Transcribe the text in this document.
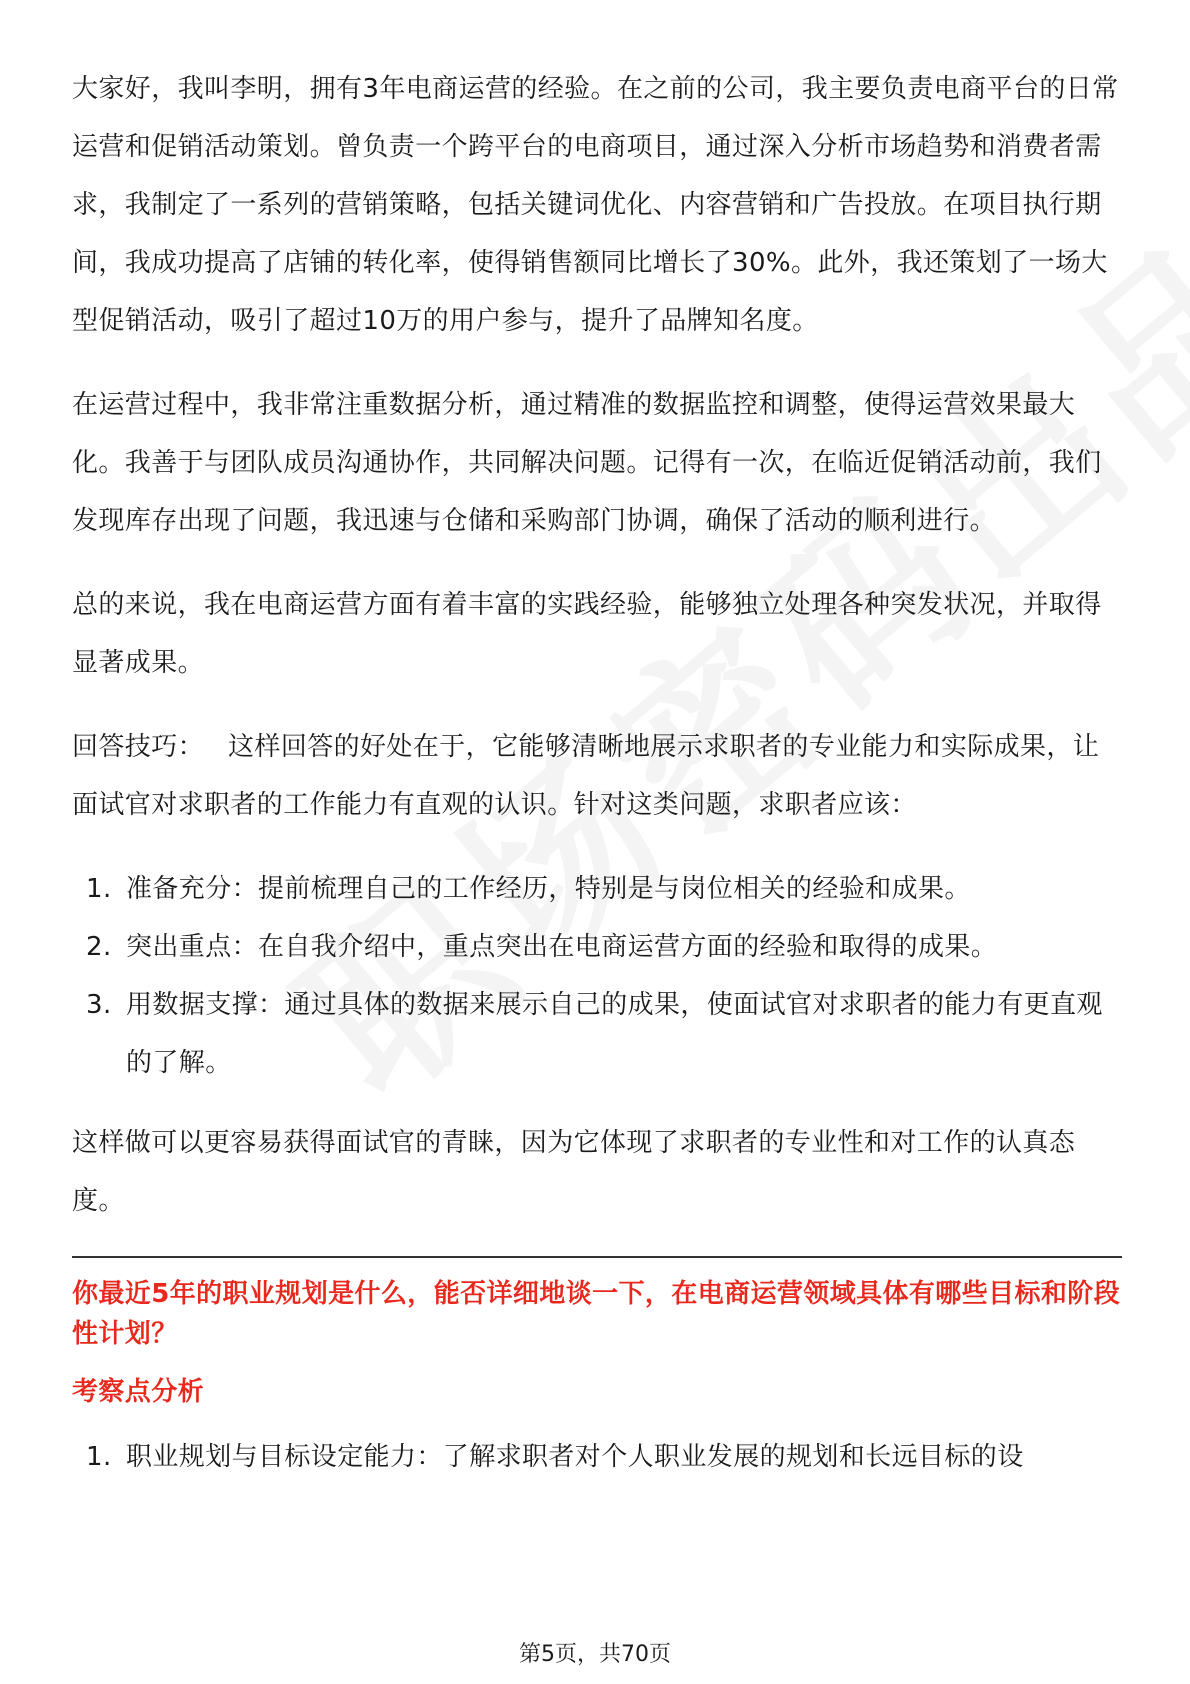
大家好，我叫李明，拥有3年电商运营的经验。在之前的公司，我主要负责电商平台的日常运营和促销活动策划。曾负责一个跨平台的电商项目，通过深入分析市场趋势和消费者需求，我制定了一系列的营销策略，包括关键词优化、内容营销和广告投放。在项目执行期间，我成功提高了店铺的转化率，使得销售额同比增长了30%。此外，我还策划了一场大型促销活动，吸引了超过10万的用户参与，提升了品牌知名度。

在运营过程中，我非常注重数据分析，通过精准的数据监控和调整，使得运营效果最大化。我善于与团队成员沟通协作，共同解决问题。记得有一次，在临近促销活动前，我们发现库存出现了问题，我迅速与仓储和采购部门协调，确保了活动的顺利进行。

总的来说，我在电商运营方面有着丰富的实践经验，能够独立处理各种突发状况，并取得显著成果。

回答技巧： 这样回答的好处在于，它能够清晰地展示求职者的专业能力和实际成果，让面试官对求职者的工作能力有直观的认识。针对这类问题，求职者应该：

1. 准备充分：提前梳理自己的工作经历，特别是与岗位相关的经验和成果。
2. 突出重点：在自我介绍中，重点突出在电商运营方面的经验和取得的成果。
3. 用数据支撑：通过具体的数据来展示自己的成果，使面试官对求职者的能力有更直观的了解。

这样做可以更容易获得面试官的青睐，因为它体现了求职者的专业性和对工作的认真态度。

你最近5年的职业规划是什么，能否详细地谈一下，在电商运营领域具体有哪些目标和阶段性计划？
考察点分析
1. 职业规划与目标设定能力：了解求职者对个人职业发展的规划和长远目标的设
第5页，共70页
